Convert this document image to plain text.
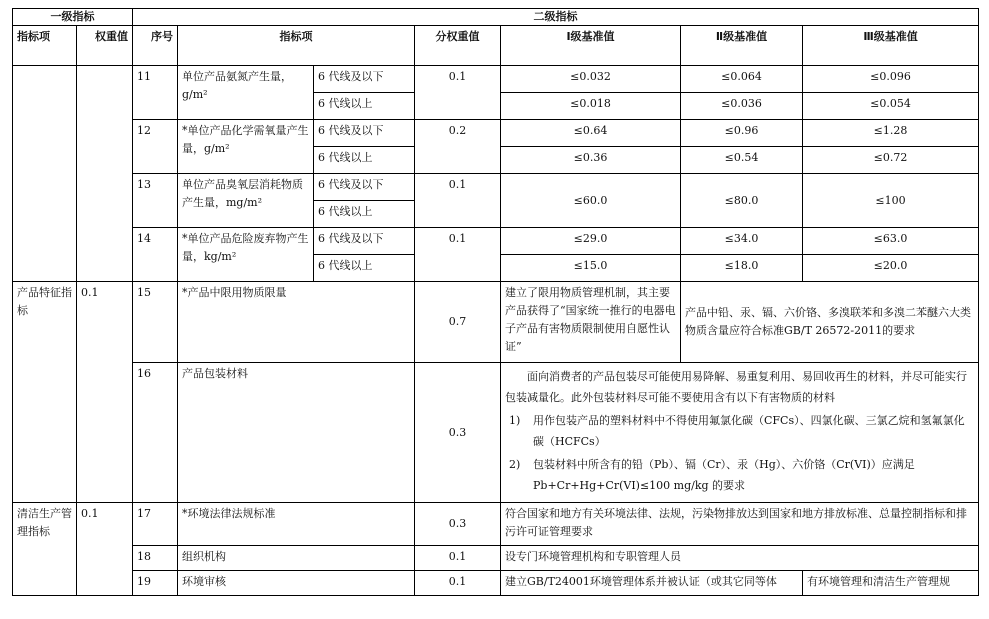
一级指标		二级指标						
指标项	权重值	序号	指标项		分权重值	Ⅰ级基准值	Ⅱ级基准值	Ⅲ级基准值
		11	单位产品氨氮产生量，g/m²	6 代线及以下	0.1	≤0.032	≤0.064	≤0.096
				6 代线以上		≤0.018	≤0.036	≤0.054
		12	*单位产品化学需氧量产生量，g/m²	6 代线及以下	0.2	≤0.64	≤0.96	≤1.28
				6 代线以上		≤0.36	≤0.54	≤0.72
		13	单位产品臭氧层消耗物质产生量，mg/m²	6 代线及以下	0.1	≤60.0	≤80.0	≤100
				6 代线以上				
		14	*单位产品危险废弃物产生量，kg/m²	6 代线及以下	0.1	≤29.0	≤34.0	≤63.0
				6 代线以上		≤15.0	≤18.0	≤20.0
产品特征指标	0.1	15	*产品中限用物质限量		0.7	建立了限用物质管理机制，其主要产品获得了“国家统一推行的电器电子产品有害物质限制使用自愿性认证”	产品中铅、汞、镉、六价铬、多溴联苯和多溴二苯醚六大类物质含量应符合标准GB/T 26572-2011的要求	
		16	产品包装材料		0.3	面向消费者的产品包装尽可能使用易降解、易重复利用、易回收再生的材料，并尽可能实行包装减量化。此外包装材料尽可能不要使用含有以下有害物质的材料
1) 用作包装产品的塑料材料中不得使用氟氯化碳（CFCs）、四氯化碳、三氯乙烷和氢氟氯化碳（HCFCs）
2) 包装材料中所含有的铅（Pb）、镉（Cr）、汞（Hg）、六价铬（Cr(VI)）应满足 Pb+Cr+Hg+Cr(VI)≤100 mg/kg 的要求		

清洁生产管理指标	0.1	17	*环境法律法规标准		0.3	符合国家和地方有关环境法律、法规，污染物排放达到国家和地方排放标准、总量控制指标和排污许可证管理要求		
		18	组织机构		0.1	设专门环境管理机构和专职管理人员		
		19	环境审核		0.1	建立GB/T24001环境管理体系并被认证（或其它同等体		有环境管理和清洁生产管理规
